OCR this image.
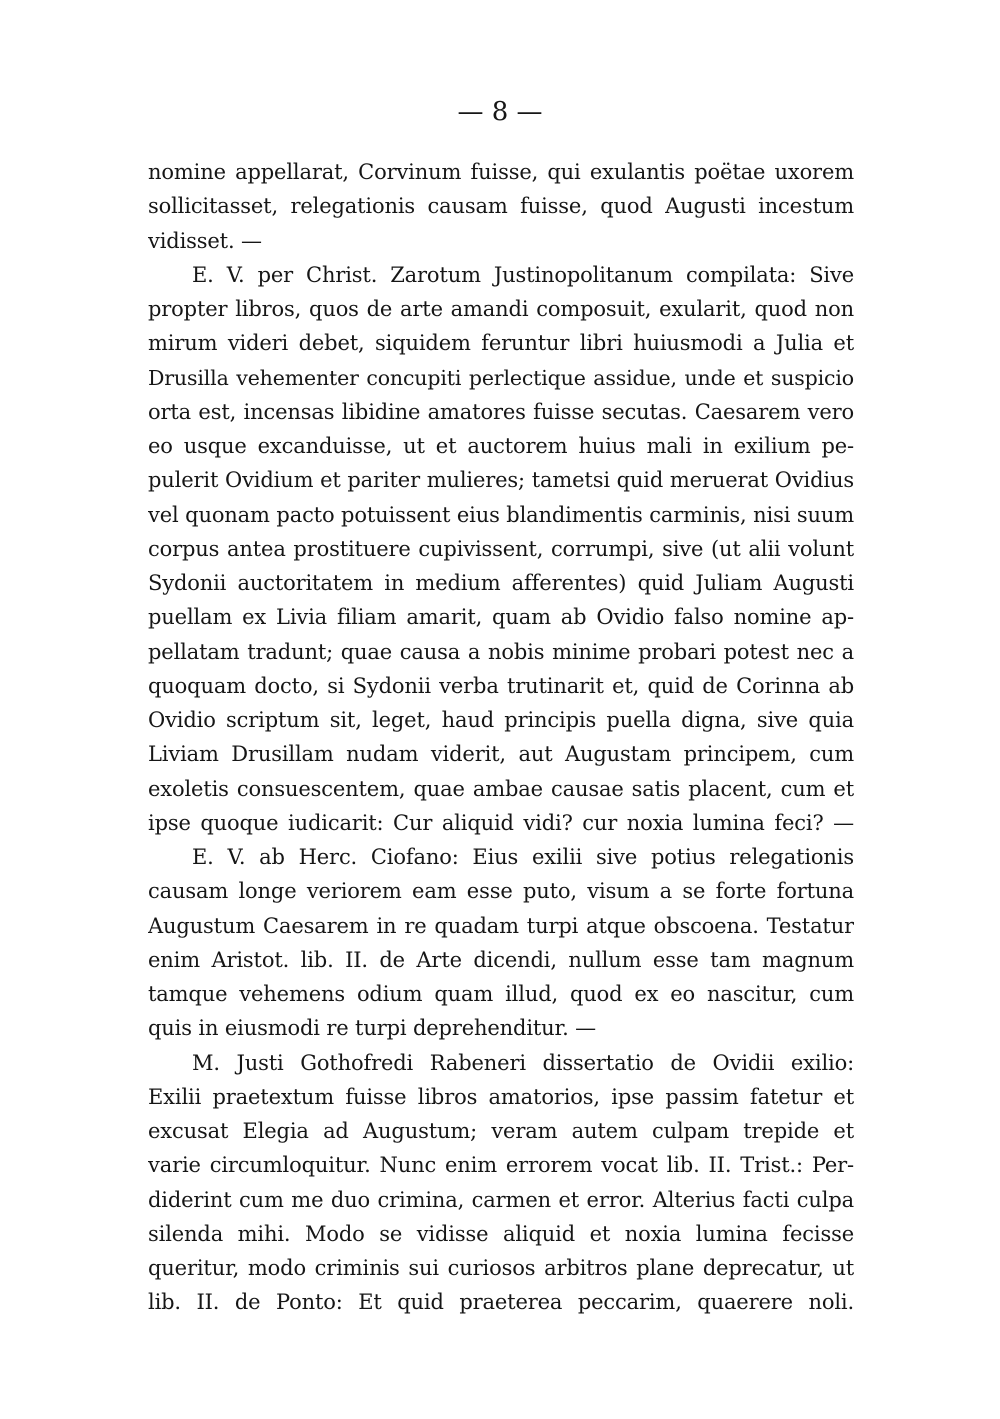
— 8 —
nomine appellarat, Corvinum fuisse, qui exulantis poëtae uxorem
sollicitasset, relegationis causam fuisse, quod Augusti incestum
vidisset. —
E. V. per Christ. Zarotum Justinopolitanum compilata: Sive
propter libros, quos de arte amandi composuit, exularit, quod non
mirum videri debet, siquidem feruntur libri huiusmodi a Julia et
Drusilla vehementer concupiti perlectique assidue, unde et suspicio
orta est, incensas libidine amatores fuisse secutas. Caesarem vero
eo usque excanduisse, ut et auctorem huius mali in exilium pe-
pulerit Ovidium et pariter mulieres; tametsi quid meruerat Ovidius
vel quonam pacto potuissent eius blandimentis carminis, nisi suum
corpus antea prostituere cupivissent, corrumpi, sive (ut alii volunt
Sydonii auctoritatem in medium afferentes) quid Juliam Augusti
puellam ex Livia filiam amarit, quam ab Ovidio falso nomine ap-
pellatam tradunt; quae causa a nobis minime probari potest nec a
quoquam docto, si Sydonii verba trutinarit et, quid de Corinna ab
Ovidio scriptum sit, leget, haud principis puella digna, sive quia
Liviam Drusillam nudam viderit, aut Augustam principem, cum
exoletis consuescentem, quae ambae causae satis placent, cum et
ipse quoque iudicarit: Cur aliquid vidi? cur noxia lumina feci? —
E. V. ab Herc. Ciofano: Eius exilii sive potius relegationis
causam longe veriorem eam esse puto, visum a se forte fortuna
Augustum Caesarem in re quadam turpi atque obscoena. Testatur
enim Aristot. lib. II. de Arte dicendi, nullum esse tam magnum
tamque vehemens odium quam illud, quod ex eo nascitur, cum
quis in eiusmodi re turpi deprehenditur. —
M. Justi Gothofredi Rabeneri dissertatio de Ovidii exilio:
Exilii praetextum fuisse libros amatorios, ipse passim fatetur et
excusat Elegia ad Augustum; veram autem culpam trepide et
varie circumloquitur. Nunc enim errorem vocat lib. II. Trist.: Per-
diderint cum me duo crimina, carmen et error. Alterius facti culpa
silenda mihi. Modo se vidisse aliquid et noxia lumina fecisse
queritur, modo criminis sui curiosos arbitros plane deprecatur, ut
lib. II. de Ponto: Et quid praeterea peccarim, quaerere noli.
